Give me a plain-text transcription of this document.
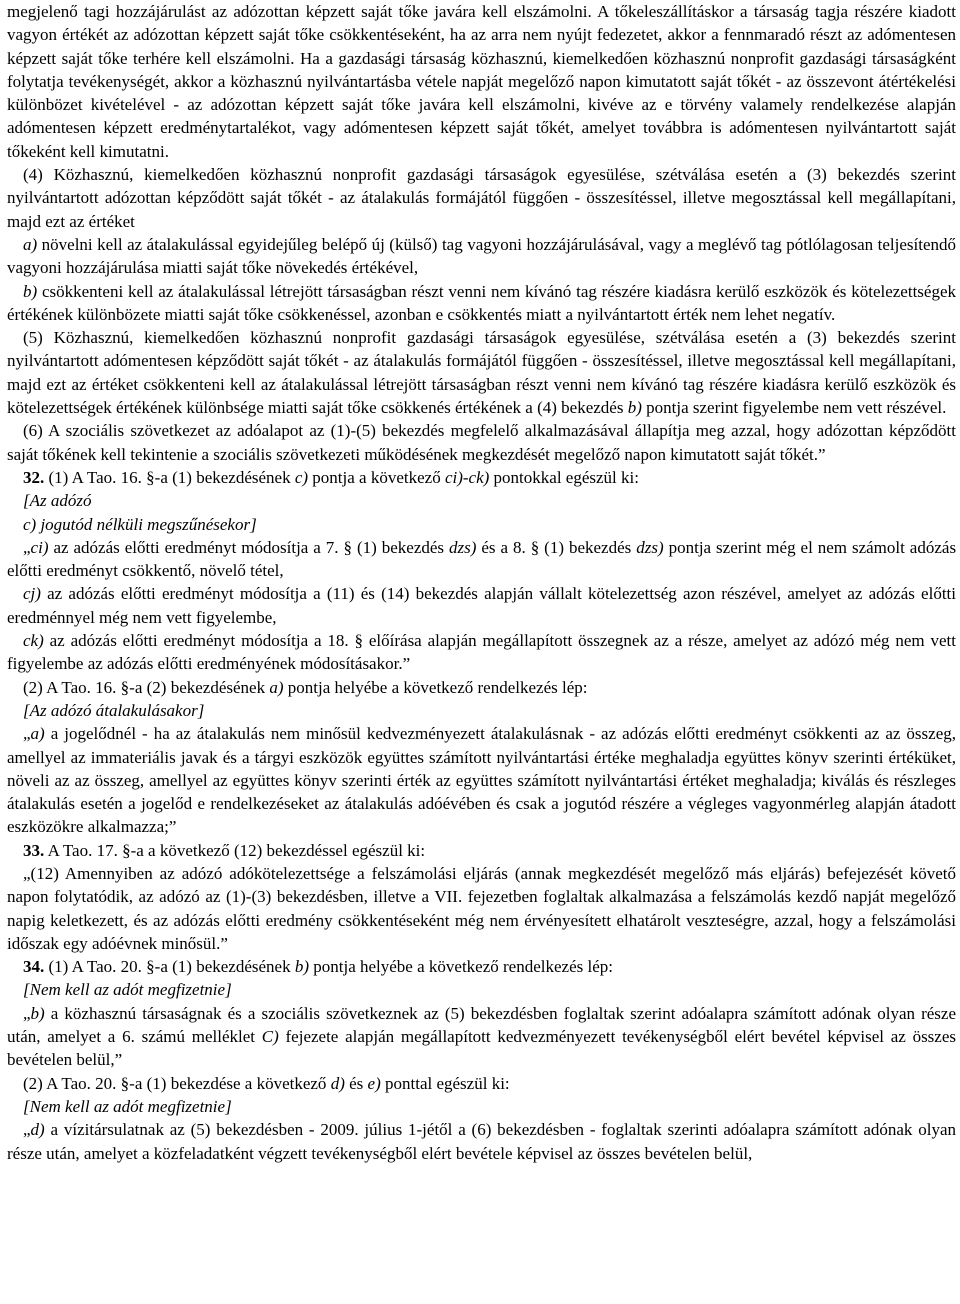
megjelenő tagi hozzájárulást az adózottan képzett saját tőke javára kell elszámolni. A tőkeleszállításkor a társaság tagja részére kiadott vagyon értékét az adózottan képzett saját tőke csökkentéseként, ha az arra nem nyújt fedezetet, akkor a fennmaradó részt az adómentesen képzett saját tőke terhére kell elszámolni. Ha a gazdasági társaság közhasznú, kiemelkedően közhasznú nonprofit gazdasági társaságként folytatja tevékenységét, akkor a közhasznú nyilvántartásba vétele napját megelőző napon kimutatott saját tőkét - az összevont átértékelési különbözet kivételével - az adózottan képzett saját tőke javára kell elszámolni, kivéve az e törvény valamely rendelkezése alapján adómentesen képzett eredménytartalékot, vagy adómentesen képzett saját tőkét, amelyet továbbra is adómentesen nyilvántartott saját tőkeként kell kimutatni.

(4) Közhasznú, kiemelkedően közhasznú nonprofit gazdasági társaságok egyesülése, szétválása esetén a (3) bekezdés szerint nyilvántartott adózottan képződött saját tőkét - az átalakulás formájától függően - összesítéssel, illetve megosztással kell megállapítani, majd ezt az értéket

a) növelni kell az átalakulással egyidejűleg belépő új (külső) tag vagyoni hozzájárulásával, vagy a meglévő tag pótlólagosan teljesítendő vagyoni hozzájárulása miatti saját tőke növekedés értékével,

b) csökkenteni kell az átalakulással létrejött társaságban részt venni nem kívánó tag részére kiadásra kerülő eszközök és kötelezettségek értékének különbözete miatti saját tőke csökkenéssel, azonban e csökkentés miatt a nyilvántartott érték nem lehet negatív.

(5) Közhasznú, kiemelkedően közhasznú nonprofit gazdasági társaságok egyesülése, szétválása esetén a (3) bekezdés szerint nyilvántartott adómentesen képződött saját tőkét - az átalakulás formájától függően - összesítéssel, illetve megosztással kell megállapítani, majd ezt az értéket csökkenteni kell az átalakulással létrejött társaságban részt venni nem kívánó tag részére kiadásra kerülő eszközök és kötelezettségek értékének különbsége miatti saját tőke csökkenés értékének a (4) bekezdés b) pontja szerint figyelembe nem vett részével.

(6) A szociális szövetkezet az adóalapot az (1)-(5) bekezdés megfelelő alkalmazásával állapítja meg azzal, hogy adózottan képződött saját tőkének kell tekintenie a szociális szövetkezeti működésének megkezdését megelőző napon kimutatott saját tőkét.”

32. (1) A Tao. 16. §-a (1) bekezdésének c) pontja a következő ci)-ck) pontokkal egészül ki:

[Az adózó

c) jogutód nélküli megszűnésekor]

„ci) az adózás előtti eredményt módosítja a 7. § (1) bekezdés dzs) és a 8. § (1) bekezdés dzs) pontja szerint még el nem számolt adózás előtti eredményt csökkentő, növelő tétel,

cj) az adózás előtti eredményt módosítja a (11) és (14) bekezdés alapján vállalt kötelezettség azon részével, amelyet az adózás előtti eredménnyel még nem vett figyelembe,

ck) az adózás előtti eredményt módosítja a 18. § előírása alapján megállapított összegnek az a része, amelyet az adózó még nem vett figyelembe az adózás előtti eredményének módosításakor.”

(2) A Tao. 16. §-a (2) bekezdésének a) pontja helyébe a következő rendelkezés lép:

[Az adózó átalakulásakor]

„a) a jogelődnél - ha az átalakulás nem minősül kedvezményezett átalakulásnak - az adózás előtti eredményt csökkenti az az összeg, amellyel az immateriális javak és a tárgyi eszközök együttes számított nyilvántartási értéke meghaladja együttes könyv szerinti értéküket, növeli az az összeg, amellyel az együttes könyv szerinti érték az együttes számított nyilvántartási értéket meghaladja; kiválás és részleges átalakulás esetén a jogelőd e rendelkezéseket az átalakulás adóévében és csak a jogutód részére a végleges vagyonmérleg alapján átadott eszközökre alkalmazza;”

33. A Tao. 17. §-a a következő (12) bekezdéssel egészül ki:

„(12) Amennyiben az adózó adókötelezettsége a felszámolási eljárás (annak megkezdését megelőző más eljárás) befejezését követő napon folytatódik, az adózó az (1)-(3) bekezdésben, illetve a VII. fejezetben foglaltak alkalmazása a felszámolás kezdő napját megelőző napig keletkezett, és az adózás előtti eredmény csökkentéseként még nem érvényesített elhatárolt veszteségre, azzal, hogy a felszámolási időszak egy adóévnek minősül.”

34. (1) A Tao. 20. §-a (1) bekezdésének b) pontja helyébe a következő rendelkezés lép:

[Nem kell az adót megfizetnie]

„b) a közhasznú társaságnak és a szociális szövetkeznek az (5) bekezdésben foglaltak szerint adóalapra számított adónak olyan része után, amelyet a 6. számú melléklet C) fejezete alapján megállapított kedvezményezett tevékenységből elért bevétel képvisel az összes bevételen belül,”

(2) A Tao. 20. §-a (1) bekezdése a következő d) és e) ponttal egészül ki:

[Nem kell az adót megfizetnie]

„d) a vízitársulatnak az (5) bekezdésben - 2009. július 1-jétől a (6) bekezdésben - foglaltak szerinti adóalapra számított adónak olyan része után, amelyet a közfeladatként végzett tevékenységből elért bevétele képvisel az összes bevételen belül,
